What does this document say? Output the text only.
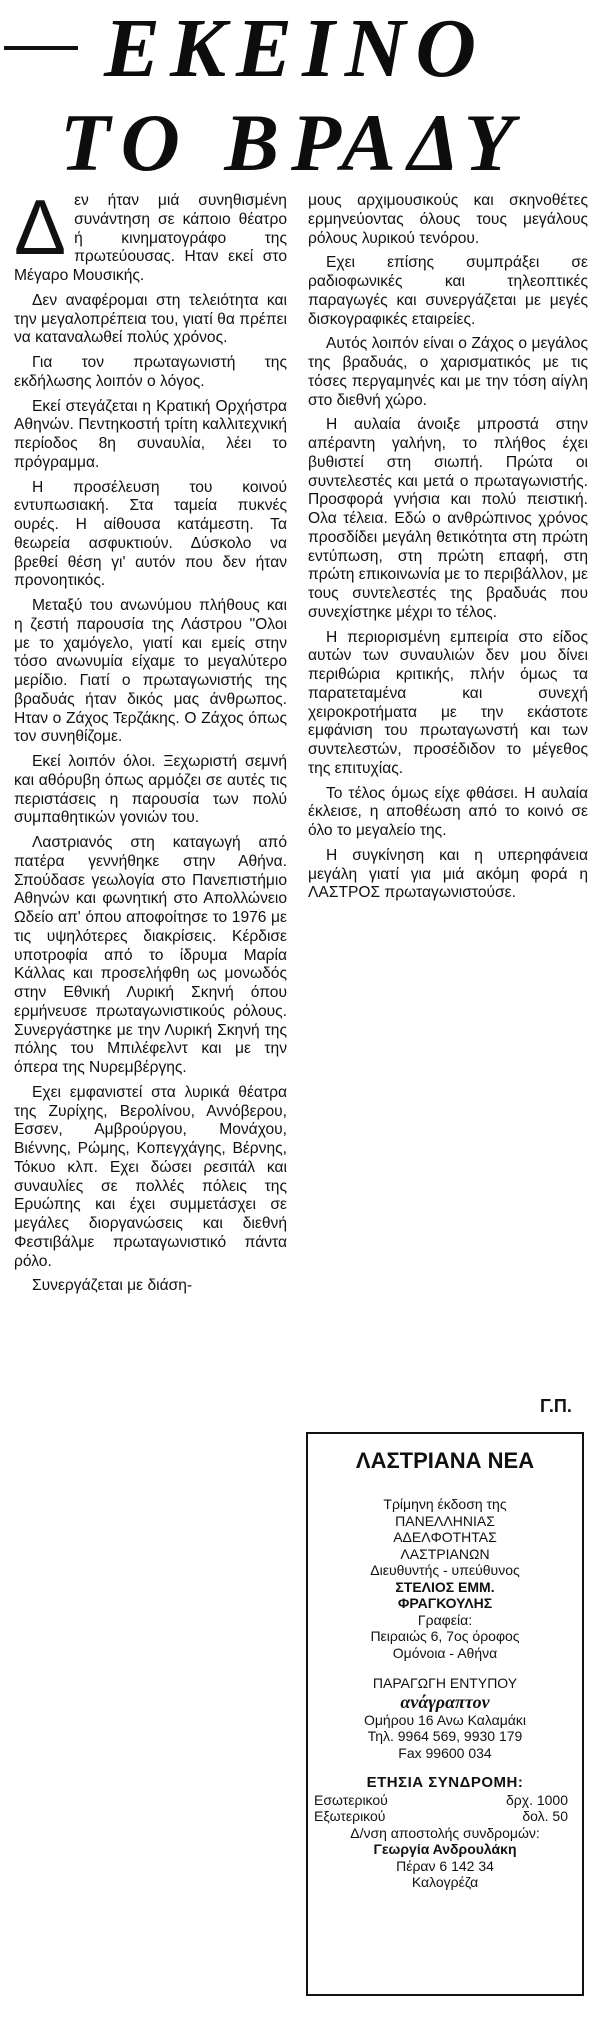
ΕΚΕΙΝΟ
ΤΟ ΒΡΑΔΥ

Δεν ήταν μιά συνηθισμένη συνάντηση σε κάποιο θέατρο ή κινηματογράφο της πρωτεύουσας. Ηταν εκεί στο Μέγαρο Μουσικής.

Δεν αναφέρομαι στη τελειότητα και την μεγαλοπρέπεια του, γιατί θα πρέπει να καταναλωθεί πολύς χρόνος.

Για τον πρωταγωνιστή της εκδήλωσης λοιπόν ο λόγος.

Εκεί στεγάζεται η Κρατική Ορχήστρα Αθηνών. Πεντηκοστή τρίτη καλλιτεχνική περίοδος 8η συναυλία, λέει το πρόγραμμα.

Η προσέλευση του κοινού εντυπωσιακή. Στα ταμεία πυκνές ουρές. Η αίθουσα κατάμεστη. Τα θεωρεία ασφυκτιούν. Δύσκολο να βρεθεί θέση γι' αυτόν που δεν ήταν προνοητικός.

Μεταξύ του ανωνύμου πλήθους και η ζεστή παρουσία της Λάστρου "Ολοι με το χαμόγελο, γιατί και εμείς στην τόσο ανωνυμία είχαμε το μεγαλύτερο μερίδιο. Γιατί ο πρωταγωνιστής της βραδυάς ήταν δικός μας άνθρωπος. Ηταν ο Ζάχος Τερζάκης. Ο Ζάχος όπως τον συνηθίζομε.

Εκεί λοιπόν όλοι. Ξεχωριστή σεμνή και αθόρυβη όπως αρμόζει σε αυτές τις περιστάσεις η παρουσία των πολύ συμπαθητικών γονιών του.

Λαστριανός στη καταγωγή από πατέρα γεννήθηκε στην Αθήνα. Σπούδασε γεωλογία στο Πανεπιστήμιο Αθηνών και φωνητική στο Απολλώνειο Ωδείο απ' όπου αποφοίτησε το 1976 με τις υψηλότερες διακρίσεις. Κέρδισε υποτροφία από το ίδρυμα Μαρία Κάλλας και προσελήφθη ως μονωδός στην Εθνική Λυρική Σκηνή όπου ερμήνευσε πρωταγωνιστικούς ρόλους. Συνεργάστηκε με την Λυρική Σκηνή της πόλης του Μπιλέφελντ και με την όπερα της Νυρεμβέργης.

Εχει εμφανιστεί στα λυρικά θέατρα της Ζυρίχης, Βερολίνου, Αννόβερου, Εσσεν, Αμβρούργου, Μονάχου, Βιέννης, Ρώμης, Κοπεγχάγης, Βέρνης, Τόκυο κλπ. Εχει δώσει ρεσιτάλ και συναυλίες σε πολλές πόλεις της Ερυώπης και έχει συμμετάσχει σε μεγάλες διοργανώσεις και διεθνή Φεστιβάλμε πρωταγωνιστικό πάντα ρόλο.

Συνεργάζεται με διάση-

μους αρχιμουσικούς και σκηνοθέτες ερμηνεύοντας όλους τους μεγάλους ρόλους λυρικού τενόρου.

Εχει επίσης συμπράξει σε ραδιοφωνικές και τηλεοπτικές παραγωγές και συνεργάζεται με μεγές δισκογραφικές εταιρείες.

Αυτός λοιπόν είναι ο Ζάχος ο μεγάλος της βραδυάς, ο χαρισματικός με τις τόσες περγαμηνές και με την τόση αίγλη στο διεθνή χώρο.

Η αυλαία άνοιξε μπροστά στην απέραντη γαλήνη, το πλήθος έχει βυθιστεί στη σιωπή. Πρώτα οι συντελεστές και μετά ο πρωταγωνιστής. Προσφορά γνήσια και πολύ πειστική. Ολα τέλεια. Εδώ ο ανθρώπινος χρόνος προσδίδει μεγάλη θετικότητα στη πρώτη εντύπωση, στη πρώτη επαφή, στη πρώτη επικοινωνία με το περιβάλλον, με τους συντελεστές της βραδυάς που συνεχίστηκε μέχρι το τέλος.

Η περιορισμένη εμπειρία στο είδος αυτών των συναυλιών δεν μου δίνει περιθώρια κριτικής, πλήν όμως τα παρατεταμένα και συνεχή χειροκροτήματα με την εκάστοτε εμφάνιση του πρωταγωνστή και των συντελεστών, προσέδιδον το μέγεθος της επιτυχίας.

Το τέλος όμως είχε φθάσει. Η αυλαία έκλεισε, η αποθέωση από το κοινό σε όλο το μεγαλείο της.

Η συγκίνηση και η υπερηφάνεια μεγάλη γιατί για μιά ακόμη φορά η ΛΑΣΤΡΟΣ πρωταγωνιστούσε.

Γ.Π.
ΛΑΣΤΡΙΑΝΑ ΝΕΑ
Τρίμηνη έκδοση της
ΠΑΝΕΛΛΗΝΙΑΣ
ΑΔΕΛΦΟΤΗΤΑΣ
ΛΑΣΤΡΙΑΝΩΝ
Διευθυντής - υπεύθυνος
ΣΤΕΛΙΟΣ ΕΜΜ.
ΦΡΑΓΚΟΥΛΗΣ
Γραφεία:
Πειραιώς 6, 7ος όροφος
Ομόνοια - Αθήνα
ΠΑΡΑΓΩΓΗ ΕΝΤΥΠΟΥ
ανάγραπτον
Ομήρου 16 Ανω Καλαμάκι
Τηλ. 9964 569, 9930 179
Fax 99600 034
ΕΤΗΣΙΑ ΣΥΝΔΡΟΜΗ:
Εσωτερικού	δρχ. 1000
Εξωτερικού	δολ. 50
Δ/νση αποστολής συνδρομών:
Γεωργία Ανδρουλάκη
Πέραν 6 142 34
Καλογρέζα
